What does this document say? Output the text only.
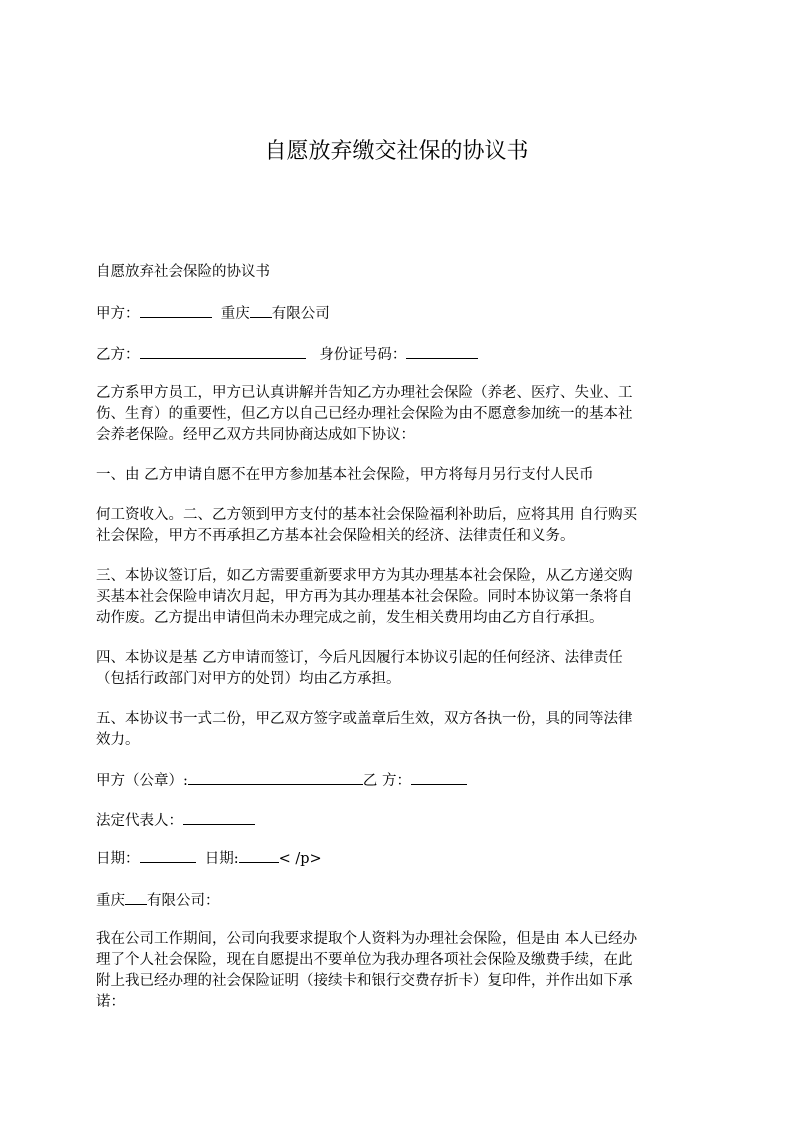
自愿放弃缴交社保的协议书

自愿放弃社会保险的协议书

甲方：	重庆 有限公司

乙方：	身份证号码：

乙方系甲方员工，甲方已认真讲解并告知乙方办理社会保险（养老、医疗、失业、工

伤、生育）的重要性，但乙方以自己已经办理社会保险为由不愿意参加统一的基本社

会养老保险。经甲乙双方共同协商达成如下协议：

一、由 乙方申请自愿不在甲方参加基本社会保险，甲方将每月另行支付人民币

何工资收入。二、乙方领到甲方支付的基本社会保险福利补助后，应将其用 自行购买

社会保险，甲方不再承担乙方基本社会保险相关的经济、法律责任和义务。

三、本协议签订后，如乙方需要重新要求甲方为其办理基本社会保险，从乙方递交购

买基本社会保险申请次月起，甲方再为其办理基本社会保险。同时本协议第一条将自

动作废。乙方提出申请但尚未办理完成之前，发生相关费用均由乙方自行承担。

四、本协议是基 乙方申请而签订，今后凡因履行本协议引起的任何经济、法律责任

（包括行政部门对甲方的处罚）均由乙方承担。

五、本协议书一式二份，甲乙双方签字或盖章后生效，双方各执一份，具的同等法律

效力。

甲方（公章）:	乙 方：

法定代表人：

日期：	日期:	< /p>

重庆 有限公司：

我在公司工作期间，公司向我要求提取个人资料为办理社会保险，但是由 本人已经办

理了个人社会保险，现在自愿提出不要单位为我办理各项社会保险及缴费手续，在此

附上我已经办理的社会保险证明（接续卡和银行交费存折卡）复印件，并作出如下承

诺：
